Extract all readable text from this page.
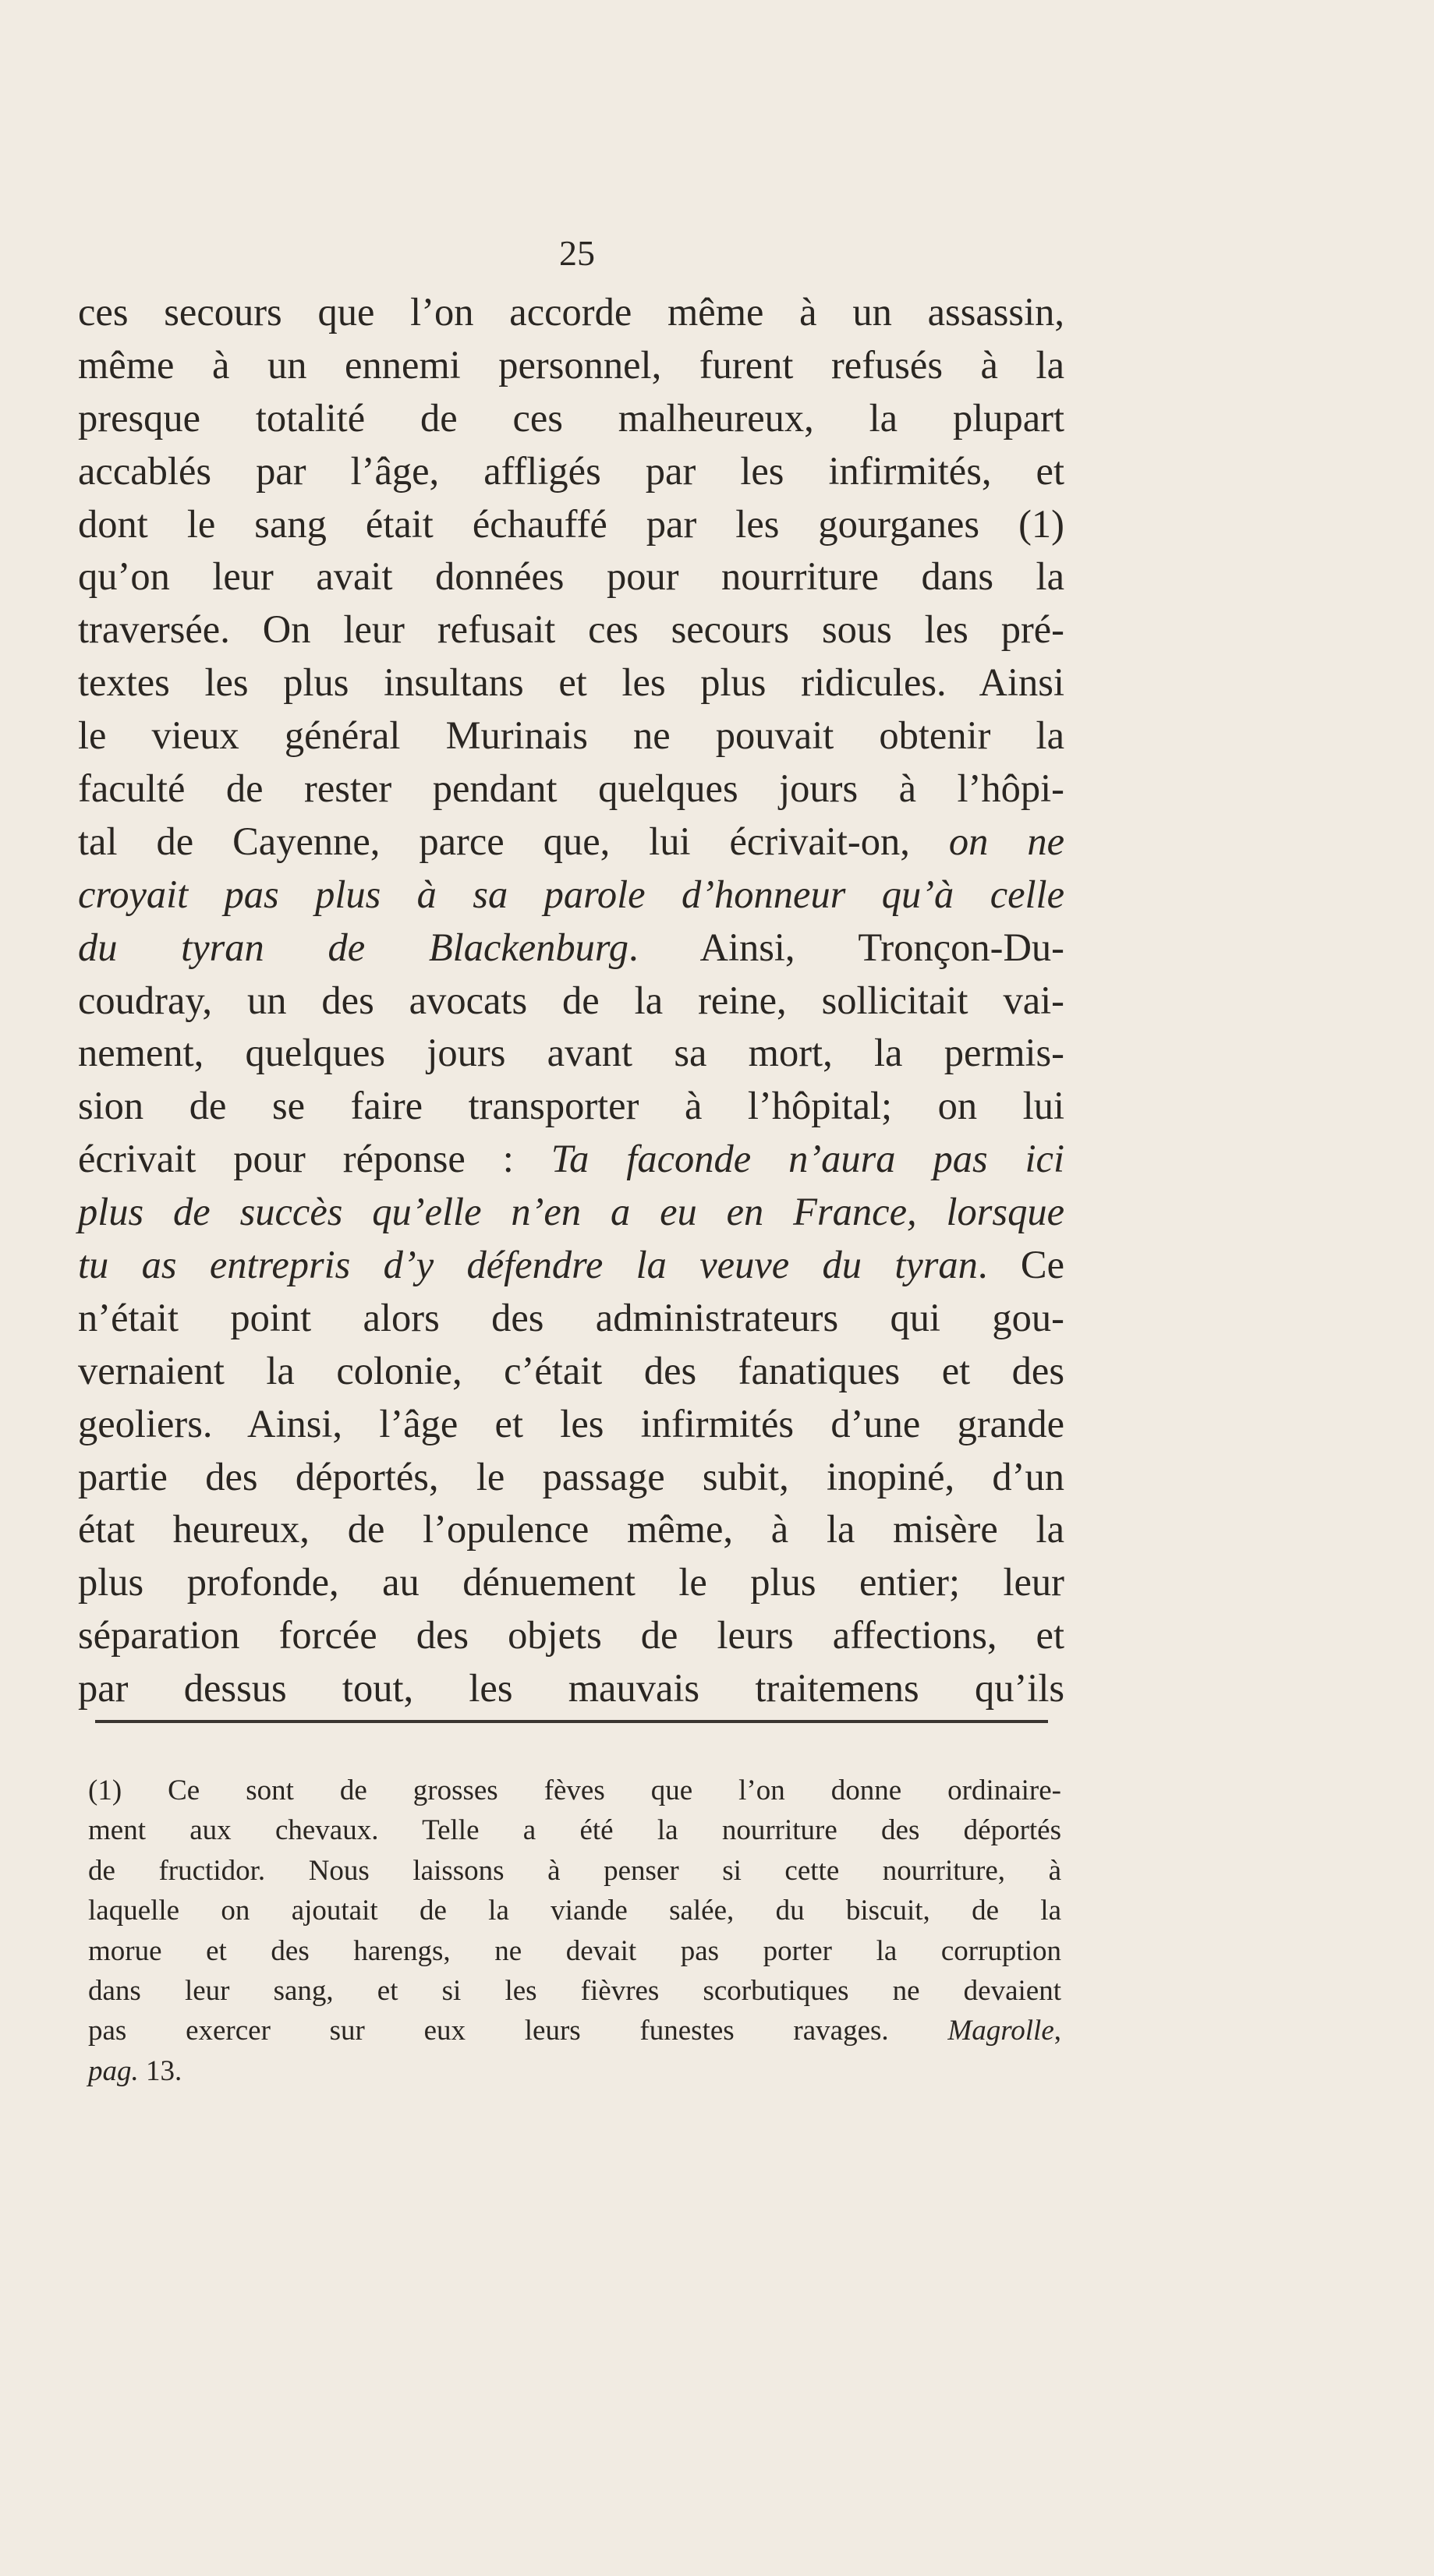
25
ces secours que l’on accorde même à un assassin,
même à un ennemi personnel, furent refusés à la
presque totalité de ces malheureux, la plupart
accablés par l’âge, affligés par les infirmités, et
dont le sang était échauffé par les gourganes (1)
qu’on leur avait données pour nourriture dans la
traversée. On leur refusait ces secours sous les pré-
textes les plus insultans et les plus ridicules. Ainsi
le vieux général Murinais ne pouvait obtenir la
faculté de rester pendant quelques jours à l’hôpi-
tal de Cayenne, parce que, lui écrivait-on, on ne
croyait pas plus à sa parole d’honneur qu’à celle
du tyran de Blackenburg. Ainsi, Tronçon-Du-
coudray, un des avocats de la reine, sollicitait vai-
nement, quelques jours avant sa mort, la permis-
sion de se faire transporter à l’hôpital; on lui
écrivait pour réponse : Ta faconde n’aura pas ici
plus de succès qu’elle n’en a eu en France, lorsque
tu as entrepris d’y défendre la veuve du tyran. Ce
n’était point alors des administrateurs qui gou-
vernaient la colonie, c’était des fanatiques et des
geoliers. Ainsi, l’âge et les infirmités d’une grande
partie des déportés, le passage subit, inopiné, d’un
état heureux, de l’opulence même, à la misère la
plus profonde, au dénuement le plus entier; leur
séparation forcée des objets de leurs affections, et
par dessus tout, les mauvais traitemens qu’ils
(1) Ce sont de grosses fèves que l’on donne ordinaire-
ment aux chevaux. Telle a été la nourriture des déportés
de fructidor. Nous laissons à penser si cette nourriture, à
laquelle on ajoutait de la viande salée, du biscuit, de la
morue et des harengs, ne devait pas porter la corruption
dans leur sang, et si les fièvres scorbutiques ne devaient
pas exercer sur eux leurs funestes ravages. Magrolle,
pag. 13.
